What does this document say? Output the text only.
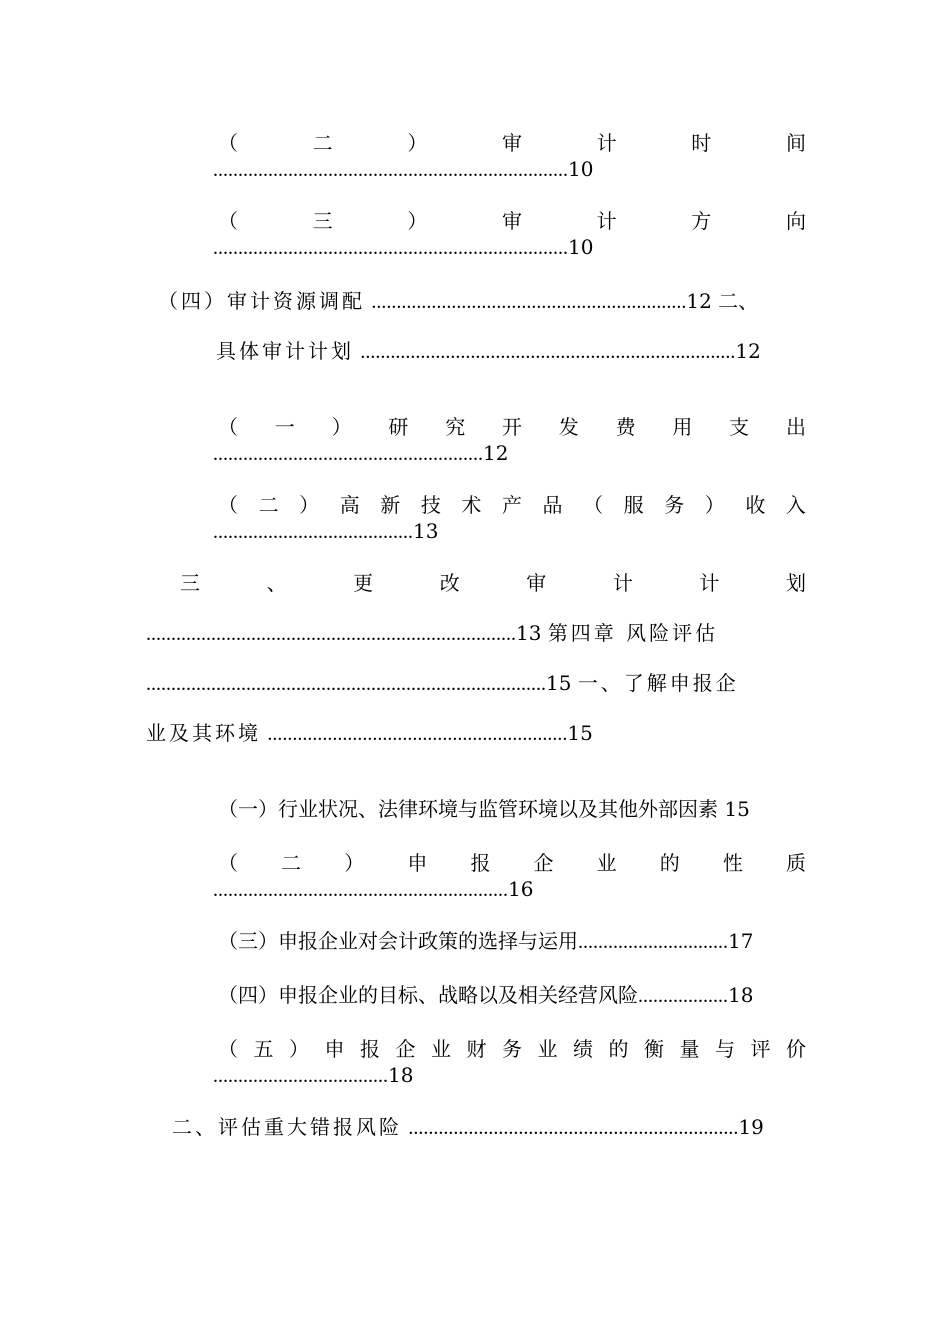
（	二	）	审	计	时	间
.......................................................................10
（	三	）	审	计	方	向
.......................................................................10
（四）审计资源调配 ...............................................................12 二、
具体审计计划 ...........................................................................12
（ 一 ） 研 究 开 发 费 用 支 出
......................................................12
（ 二 ） 高 新 技 术 产 品 （ 服 务 ） 收 入
........................................13
三	、	更	改	审	计	计	划
..........................................................................13 第四章 风险评估
................................................................................15 一、了解申报企
业及其环境 ............................................................15
（一）行业状况、法律环境与监管环境以及其他外部因素 15
（ 二 ） 申 报 企 业 的 性 质
...........................................................16
（三）申报企业对会计政策的选择与运用..............................17
（四）申报企业的目标、战略以及相关经营风险..................18
（ 五 ） 申 报 企 业 财 务 业 绩 的 衡 量 与 评 价
...................................18
二、评估重大错报风险 ..................................................................19
